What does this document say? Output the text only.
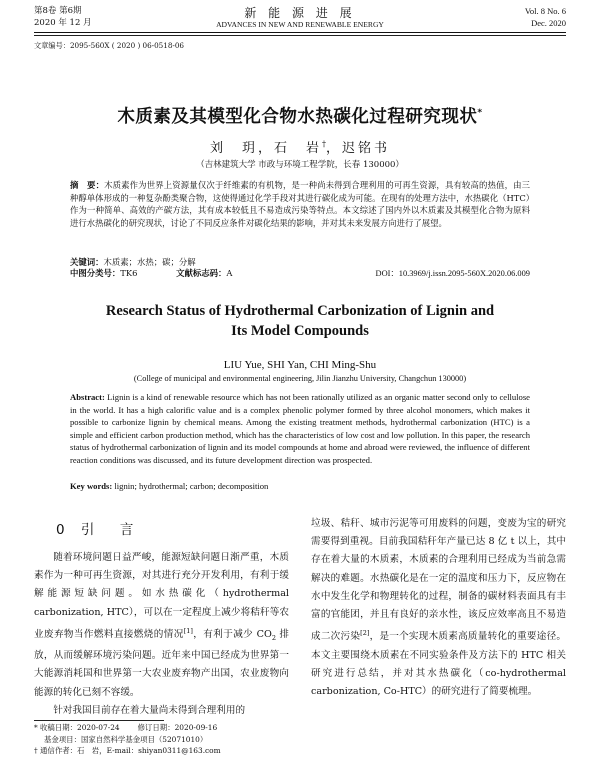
第8卷 第6期
2020 年 12 月
新 能 源 进 展
ADVANCES IN NEW AND RENEWABLE ENERGY
Vol. 8 No. 6
Dec. 2020
文章编号：2095-560X ( 2020 ) 06-0518-06
木质素及其模型化合物水热碳化过程研究现状*
刘　玥，石　岩†，迟铭书
（吉林建筑大学 市政与环境工程学院，长春 130000）
摘　要：木质素作为世界上资源量仅次于纤维素的有机物，是一种尚未得到合理利用的可再生资源，具有较高的热值，由三种醇单体形成的一种复杂酚类聚合物，这使得通过化学手段对其进行碳化成为可能。在现有的处理方法中，水热碳化（HTC）作为一种简单、高效的产碳方法，其有成本较低且不易造成污染等特点。本文综述了国内外以木质素及其模型化合物为原料进行水热碳化的研究现状，讨论了不同反应条件对碳化结果的影响，并对其未来发展方向进行了展望。
关键词：木质素；水热；碳；分解
中图分类号：TK6	文献标志码：A	DOI：10.3969/j.issn.2095-560X.2020.06.009
Research Status of Hydrothermal Carbonization of Lignin and
Its Model Compounds
LIU Yue, SHI Yan, CHI Ming-Shu
(College of municipal and environmental engineering, Jilin Jianzhu University, Changchun 130000)
Abstract: Lignin is a kind of renewable resource which has not been rationally utilized as an organic matter second only to cellulose in the world. It has a high calorific value and is a complex phenolic polymer formed by three alcohol monomers, which makes it possible to carbonize lignin by chemical means. Among the existing treatment methods, hydrothermal carbonization (HTC) is a simple and efficient carbon production method, which has the characteristics of low cost and low pollution. In this paper, the research status of hydrothermal carbonization of lignin and its model compounds at home and abroad were reviewed, the influence of different reaction conditions was discussed, and its future development direction was prospected.
Key words: lignin; hydrothermal; carbon; decomposition
0 引　言

随着环境问题日益严峻，能源短缺问题日渐严重，木质素作为一种可再生资源，对其进行充分开发利用，有利于缓解能源短缺问题。如水热碳化（hydrothermal carbonization, HTC），可以在一定程度上减少将秸秆等农业废弃物当作燃料直接燃烧的情况[1]，有利于减少 $CO_2$ 排放，从而缓解环境污染问题。近年来中国已经成为世界第一大能源消耗国和世界第一大农业废弃物产出国，农业废物向能源的转化已刻不容缓。

针对我国目前存在着大量尚未得到合理利用的

* 收稿日期：2020-07-24 修订日期：2020-09-16
基金项目：国家自然科学基金项目（52071010）
† 通信作者：石　岩，E-mail：shiyan0311@163.com

垃圾、秸秆、城市污泥等可用废料的问题，变废为宝的研究需要得到重视。目前我国秸秆年产量已达 8 亿 t 以上，其中存在着大量的木质素，木质素的合理利用已经成为当前急需解决的难题。水热碳化是在一定的温度和压力下，反应物在水中发生化学和物理转化的过程，制备的碳材料表面具有丰富的官能团，并且有良好的亲水性，该反应效率高且不易造成二次污染[2]，是一个实现木质素高质量转化的重要途径。本文主要围绕木质素在不同实验条件及方法下的 HTC 相关研究进行总结，并对其水热碳化（co-hydrothermal carbonization, Co-HTC）的研究进行了简要梳理。
